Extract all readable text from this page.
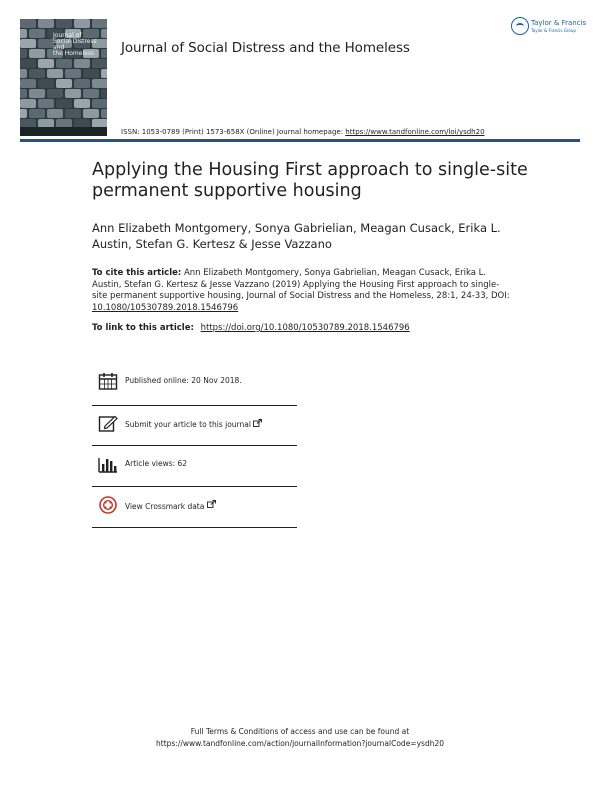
Journal of
Social Distress and
the Homeless	Journal of Social Distress and the Homeless
Taylor & Francis
Taylor & Francis Group
ISSN: 1053-0789 (Print) 1573-658X (Online) Journal homepage: https://www.tandfonline.com/loi/ysdh20
Applying the Housing First approach to single-site permanent supportive housing
Ann Elizabeth Montgomery, Sonya Gabrielian, Meagan Cusack, Erika L. Austin, Stefan G. Kertesz & Jesse Vazzano
To cite this article: Ann Elizabeth Montgomery, Sonya Gabrielian, Meagan Cusack, Erika L. Austin, Stefan G. Kertesz & Jesse Vazzano (2019) Applying the Housing First approach to single-site permanent supportive housing, Journal of Social Distress and the Homeless, 28:1, 24-33, DOI: 10.1080/10530789.2018.1546796
To link to this article: https://doi.org/10.1080/10530789.2018.1546796
Published online: 20 Nov 2018.
Submit your article to this journal
Article views: 62
View Crossmark data
Full Terms & Conditions of access and use can be found at
https://www.tandfonline.com/action/journalInformation?journalCode=ysdh20
